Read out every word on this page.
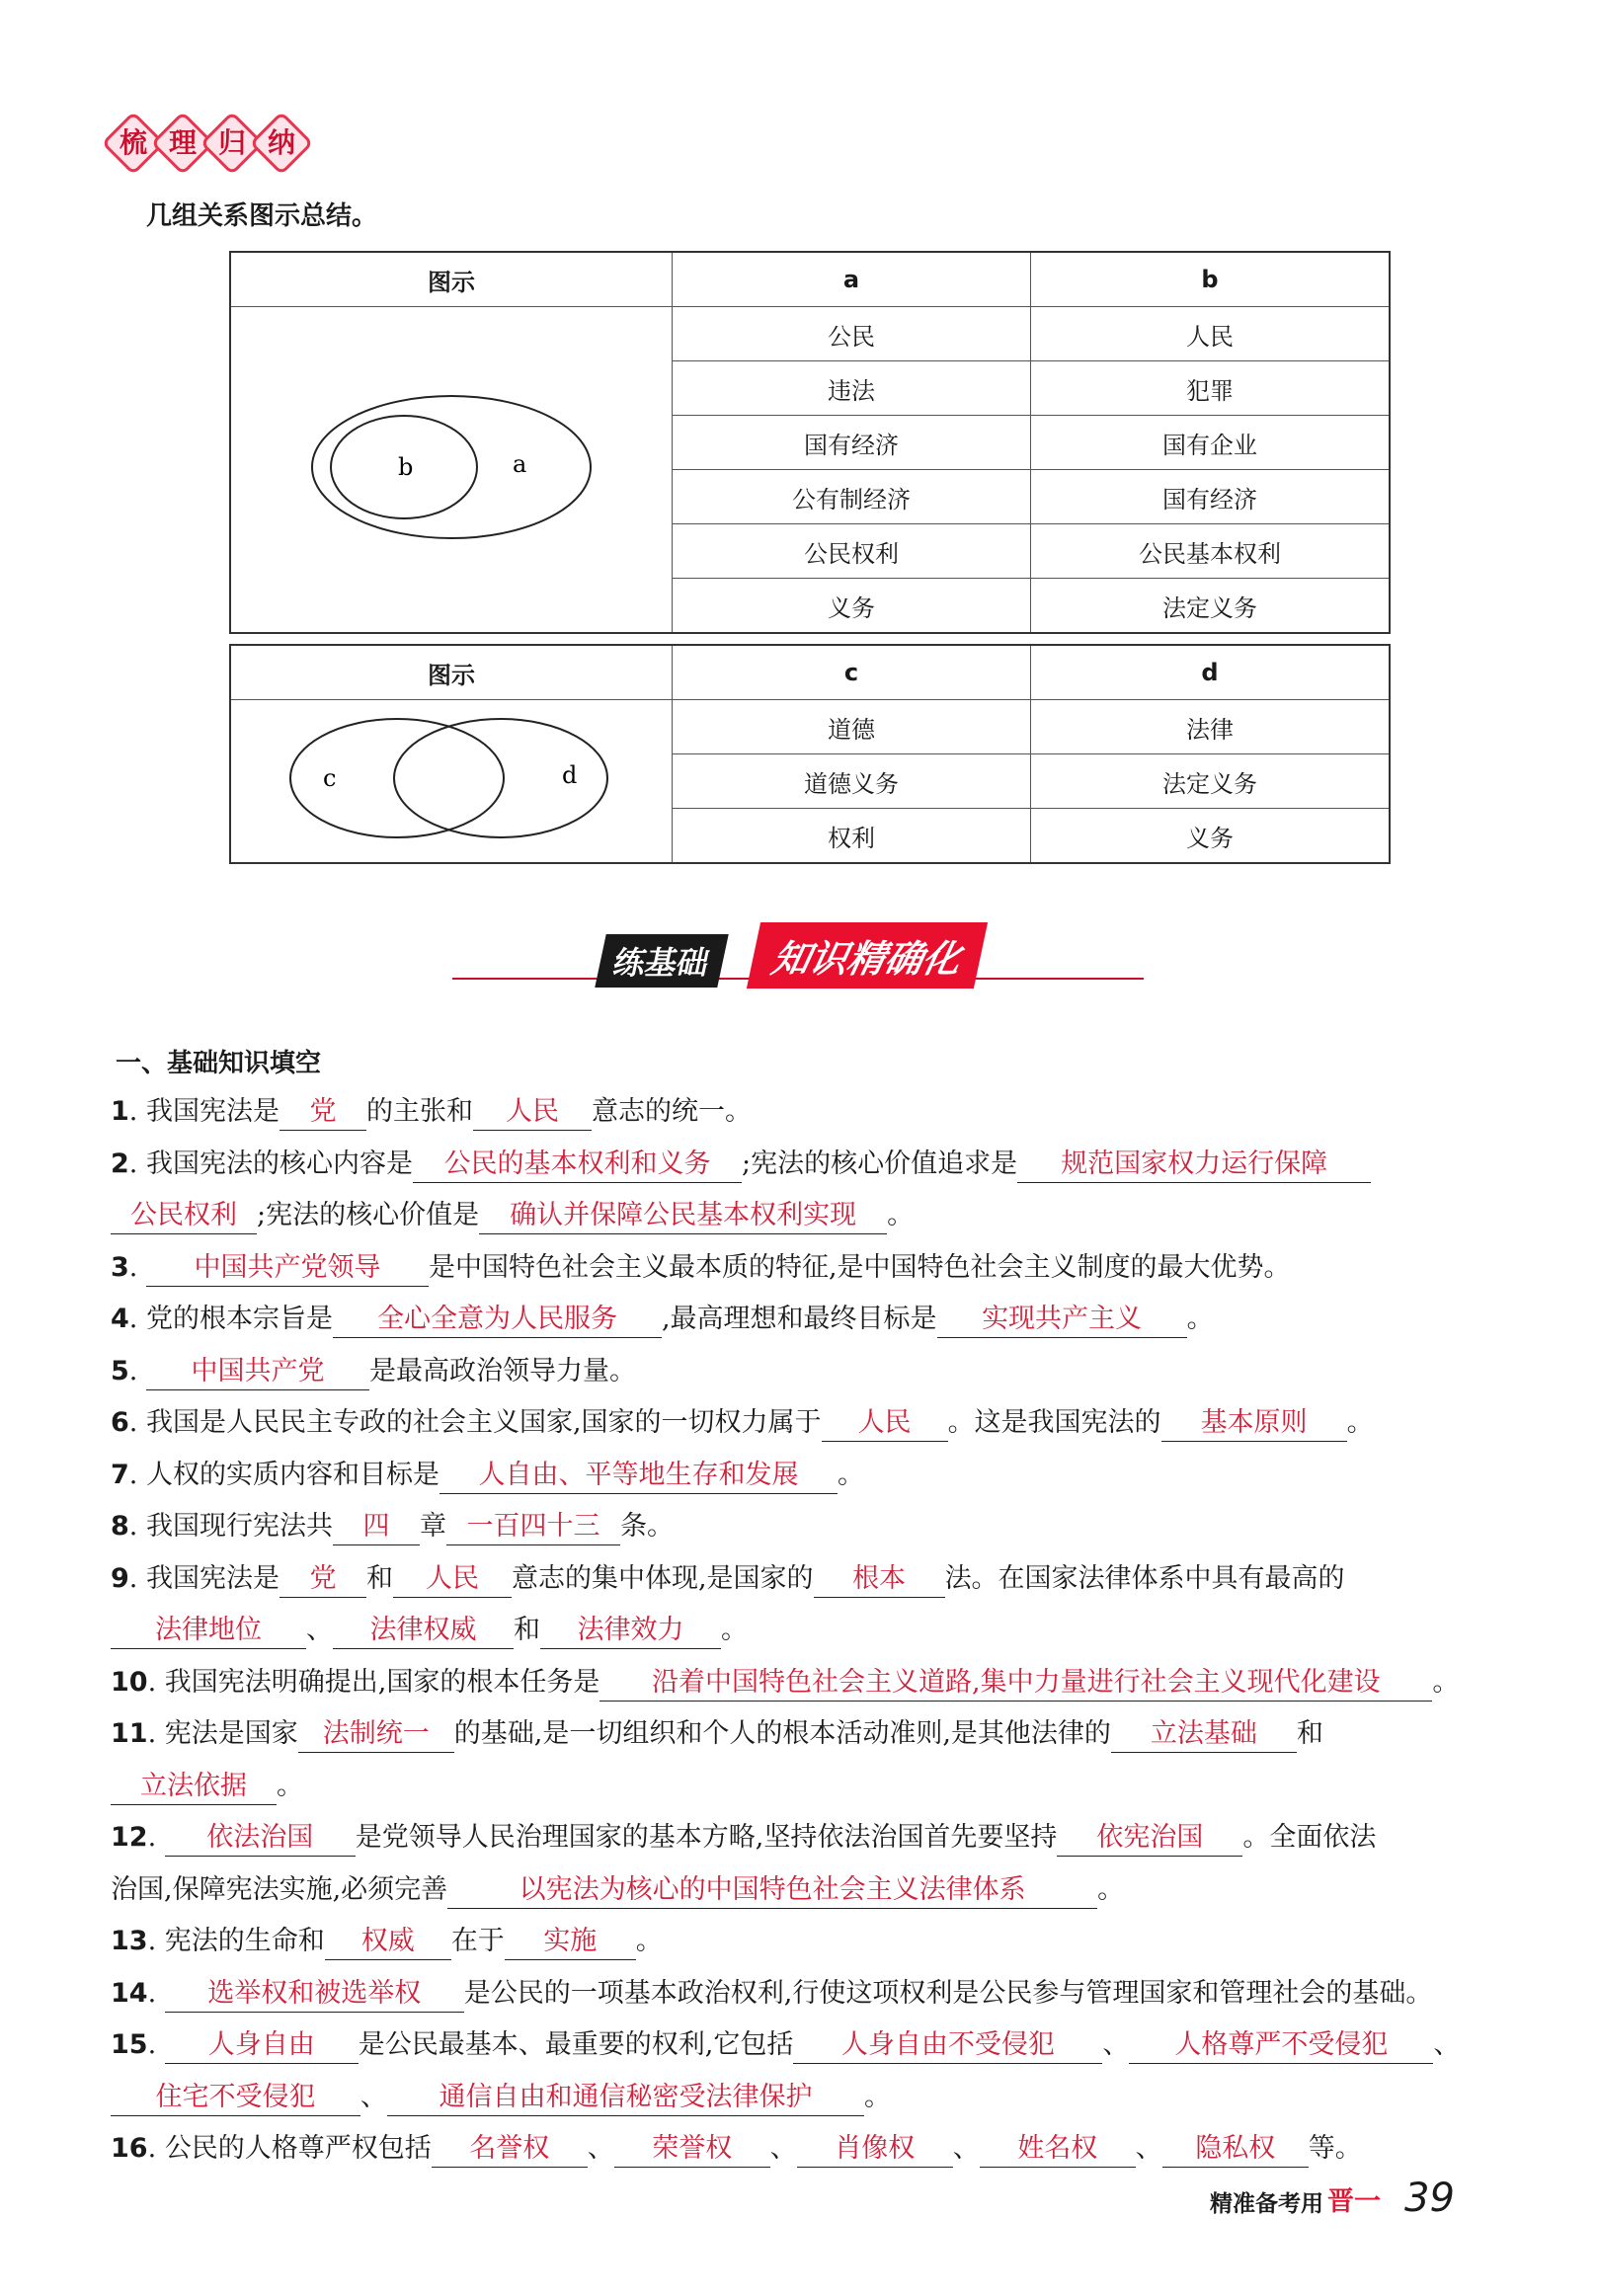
梳 理 归 纳
几组关系图示总结。
图示	a	b

b a	公民	人民
	违法	犯罪
	国有经济	国有企业
	公有制经济	国有经济
	公民权利	公民基本权利
	义务	法定义务
图示	c	d

c d	道德	法律
	道德义务	法定义务
	权利	义务
练基础	知识精确化
一、基础知识填空

1. 我国宪法是 党 的主张和 人民 意志的统一。

2. 我国宪法的核心内容是 公民的基本权利和义务 ;宪法的核心价值追求是 规范国家权力运行保障
公民权利 ;宪法的核心价值是 确认并保障公民基本权利实现 。

3. 中国共产党领导 是中国特色社会主义最本质的特征,是中国特色社会主义制度的最大优势。

4. 党的根本宗旨是 全心全意为人民服务 ,最高理想和最终目标是 实现共产主义 。

5. 中国共产党 是最高政治领导力量。

6. 我国是人民民主专政的社会主义国家,国家的一切权力属于 人民 。这是我国宪法的 基本原则 。

7. 人权的实质内容和目标是 人自由、平等地生存和发展 。

8. 我国现行宪法共 四 章 一百四十三 条。

9. 我国宪法是 党 和 人民 意志的集中体现,是国家的 根本 法。在国家法律体系中具有最高的
法律地位 、 法律权威 和 法律效力 。

10. 我国宪法明确提出,国家的根本任务是 沿着中国特色社会主义道路,集中力量进行社会主义现代化建设 。

11. 宪法是国家 法制统一 的基础,是一切组织和个人的根本活动准则,是其他法律的 立法基础 和
立法依据 。

12. 依法治国 是党领导人民治理国家的基本方略,坚持依法治国首先要坚持 依宪治国 。全面依法
治国,保障宪法实施,必须完善	以宪法为核心的中国特色社会主义法律体系	。

13. 宪法的生命和 权威 在于 实施 。

14. 选举权和被选举权 是公民的一项基本政治权利,行使这项权利是公民参与管理国家和管理社会的基础。

15. 人身自由 是公民最基本、最重要的权利,它包括 人身自由不受侵犯 、 人格尊严不受侵犯 、
住宅不受侵犯 、 通信自由和通信秘密受法律保护 。

16. 公民的人格尊严权包括 名誉权 、 荣誉权 、 肖像权 、 姓名权 、 隐私权 等。

精准备考用 晋一 39
